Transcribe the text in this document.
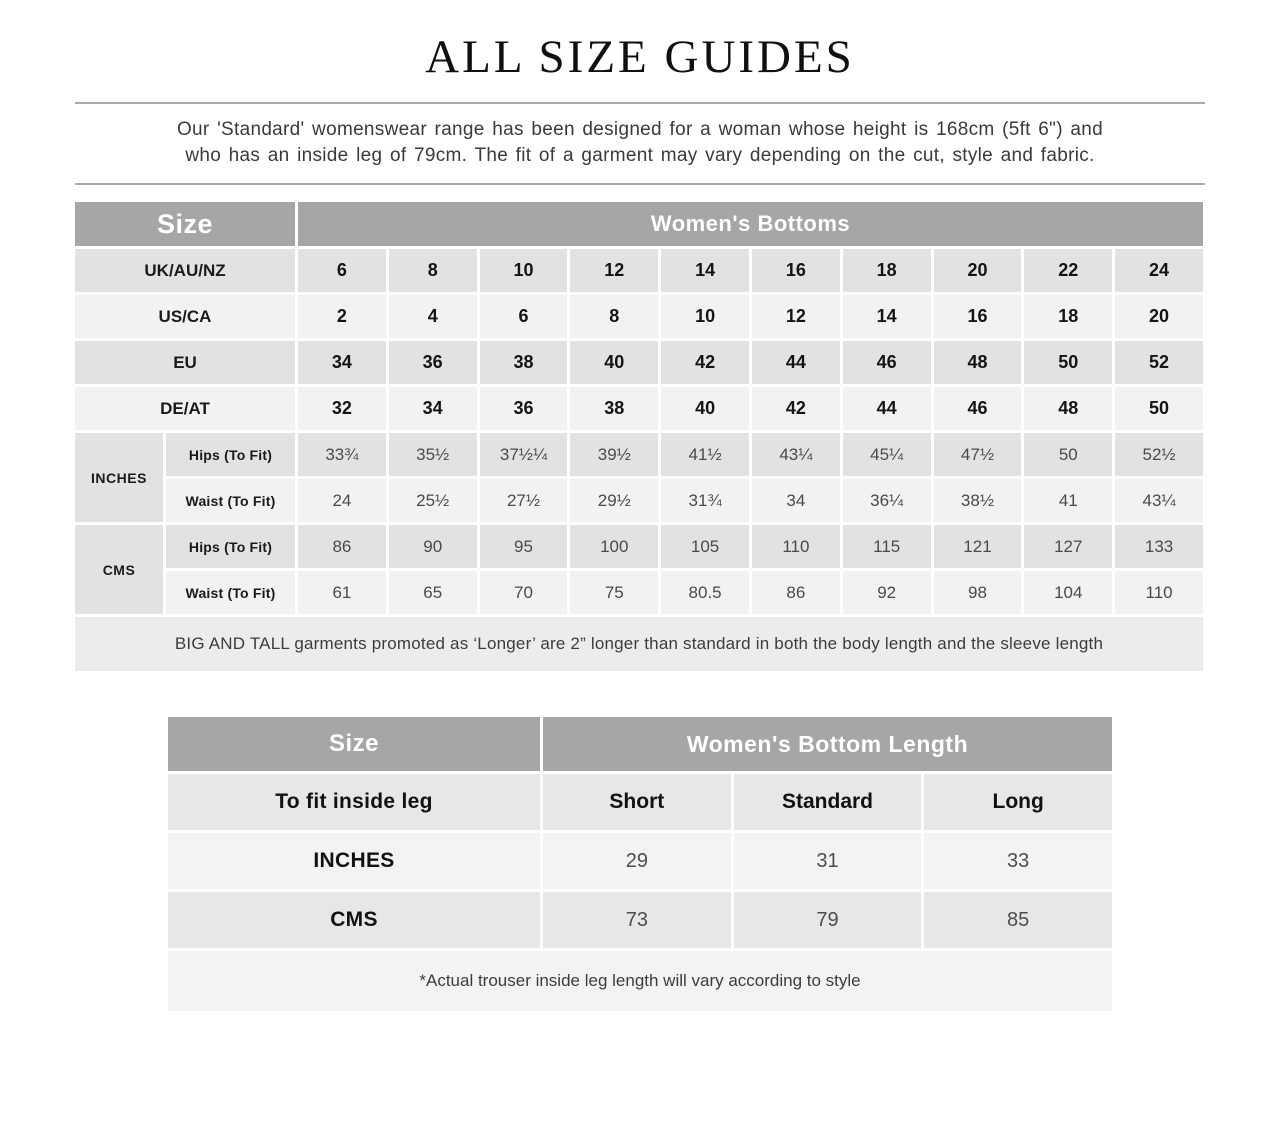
ALL SIZE GUIDES

Our 'Standard' womenswear range has been designed for a woman whose height is 168cm (5ft 6") and
who has an inside leg of 79cm. The fit of a garment may vary depending on the cut, style and fabric.

Size	Women's Bottoms
UK/AU/NZ	6	8	10	12	14	16	18	20	22	24
US/CA	2	4	6	8	10	12	14	16	18	20
EU	34	36	38	40	42	44	46	48	50	52
DE/AT	32	34	36	38	40	42	44	46	48	50
INCHES
Hips (To Fit)	33¾	35½	37½¼	39½	41½	43¼	45¼	47½	50	52½
Waist (To Fit)	24	25½	27½	29½	31¾	34	36¼	38½	41	43¼
CMS
Hips (To Fit)	86	90	95	100	105	110	115	121	127	133
Waist (To Fit)	61	65	70	75	80.5	86	92	98	104	110
BIG AND TALL garments promoted as ‘Longer’ are 2” longer than standard in both the body length and the sleeve length
Size	Women's Bottom Length
To fit inside leg	Short	Standard	Long
INCHES	29	31	33
CMS	73	79	85
*Actual trouser inside leg length will vary according to style
